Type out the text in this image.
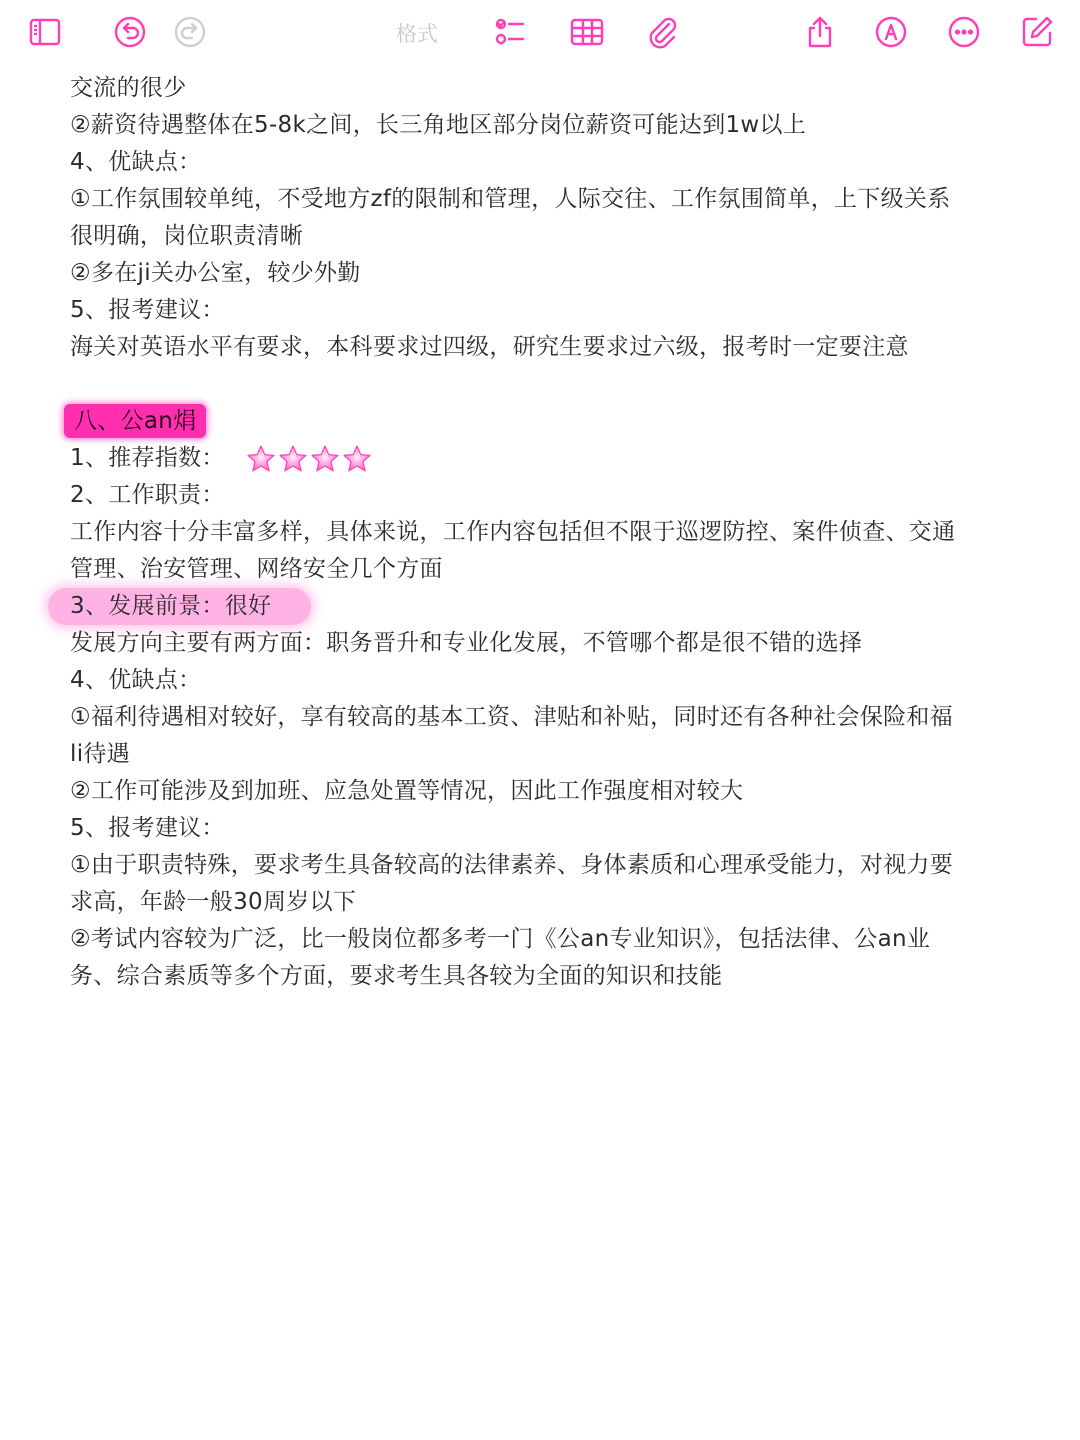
格式
交流的很少
②薪资待遇整体在5-8k之间，长三角地区部分岗位薪资可能达到1w以上
4、优缺点：
①工作氛围较单纯，不受地方zf的限制和管理，人际交往、工作氛围简单，上下级关系
很明确，岗位职责清晰
②多在ji关办公室，较少外勤
5、报考建议：
海关对英语水平有要求，本科要求过四级，研究生要求过六级，报考时一定要注意
八、公an焆
1、推荐指数：
2、工作职责：
工作内容十分丰富多样，具体来说，工作内容包括但不限于巡逻防控、案件侦查、交通
管理、治安管理、网络安全几个方面
3、发展前景：很好
发展方向主要有两方面：职务晋升和专业化发展，不管哪个都是很不错的选择
4、优缺点：
①福利待遇相对较好，享有较高的基本工资、津贴和补贴，同时还有各种社会保险和福
li待遇
②工作可能涉及到加班、应急处置等情况，因此工作强度相对较大
5、报考建议：
①由于职责特殊，要求考生具备较高的法律素养、身体素质和心理承受能力，对视力要
求高，年龄一般30周岁以下
②考试内容较为广泛，比一般岗位都多考一门《公an专业知识》，包括法律、公an业
务、综合素质等多个方面，要求考生具各较为全面的知识和技能
